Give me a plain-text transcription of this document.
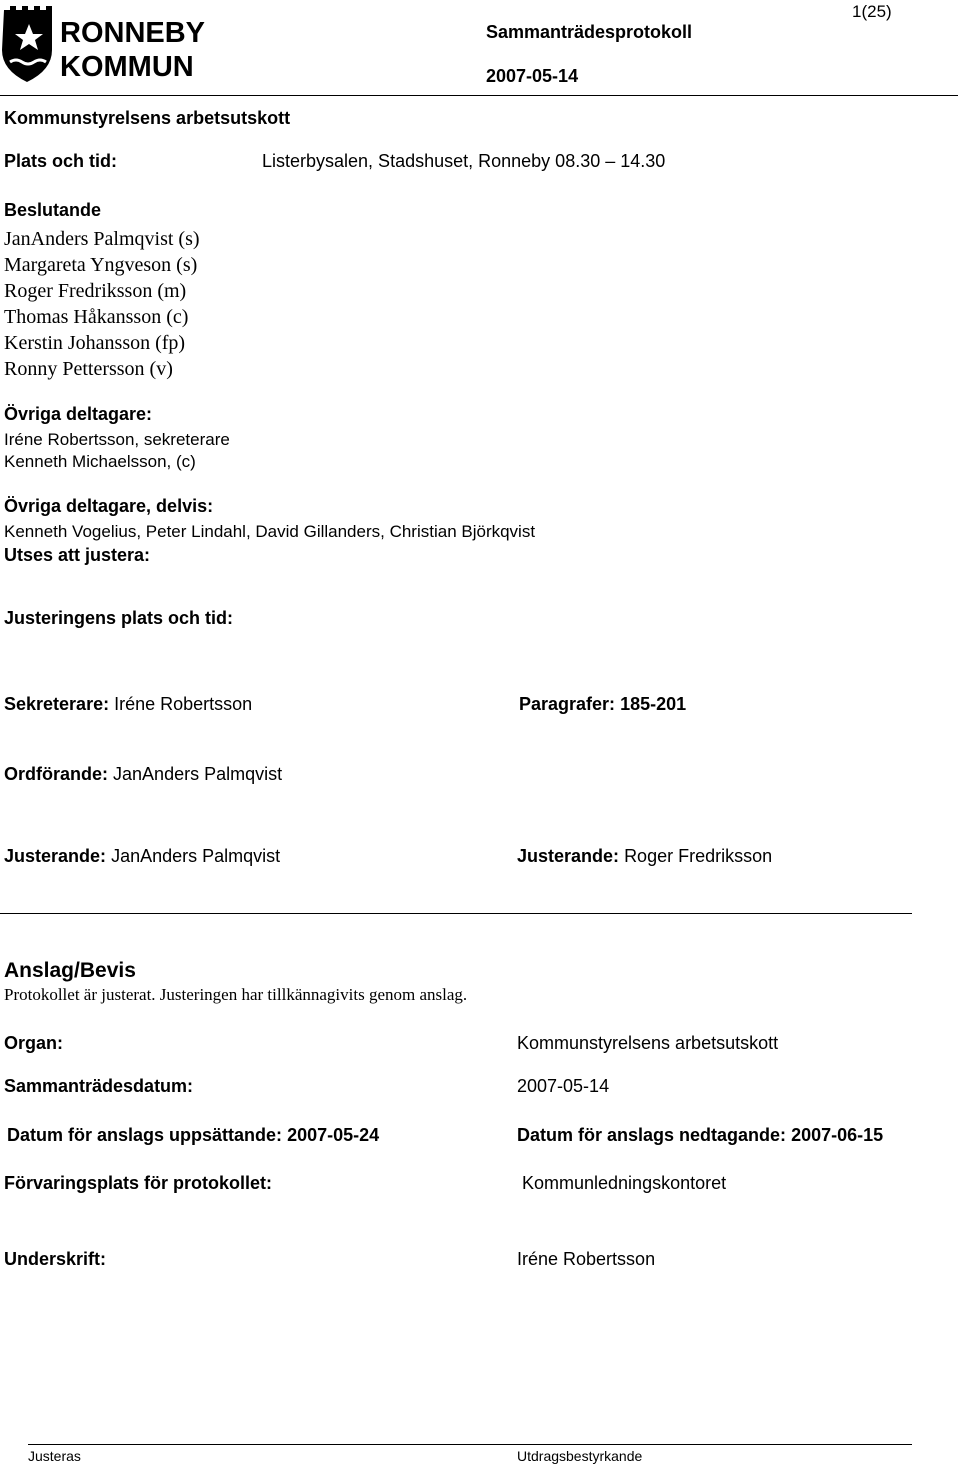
RONNEBY
KOMMUN
1(25)
Sammanträdesprotokoll
2007-05-14
Kommunstyrelsens arbetsutskott
Plats och tid:	Listerbysalen, Stadshuset, Ronneby 08.30 – 14.30
Beslutande
JanAnders Palmqvist (s)
Margareta Yngveson (s)
Roger Fredriksson (m)
Thomas Håkansson (c)
Kerstin Johansson (fp)
Ronny Pettersson (v)
Övriga deltagare:
Iréne Robertsson, sekreterare
Kenneth Michaelsson, (c)
Övriga deltagare, delvis:
Kenneth Vogelius, Peter Lindahl, David Gillanders, Christian Björkqvist
Utses att justera:
Justeringens plats och tid:
Sekreterare: Iréne Robertsson	Paragrafer: 185-201
Ordförande: JanAnders Palmqvist
Justerande: JanAnders Palmqvist	Justerande: Roger Fredriksson
Anslag/Bevis
Protokollet är justerat. Justeringen har tillkännagivits genom anslag.
Organ:	Kommunstyrelsens arbetsutskott
Sammanträdesdatum:	2007-05-14
Datum för anslags uppsättande: 2007-05-24	Datum för anslags nedtagande: 2007-06-15
Förvaringsplats för protokollet:	Kommunledningskontoret
Underskrift:	Iréne Robertsson
Justeras	Utdragsbestyrkande
